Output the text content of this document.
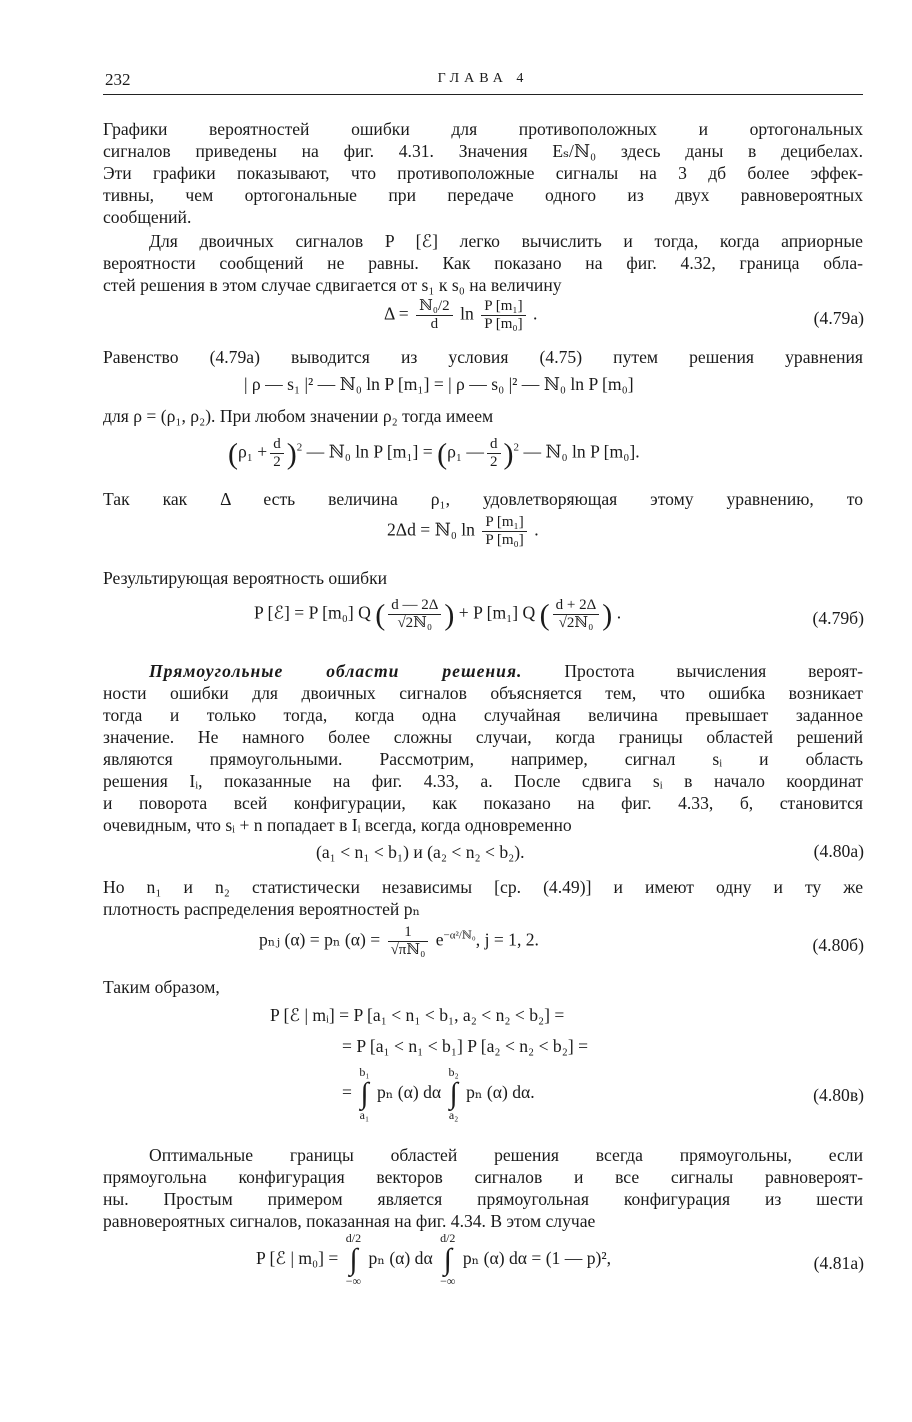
232	ГЛАВА 4
Графики вероятностей ошибки для противоположных и ортогональных
сигналов приведены на фиг. 4.31. Значения Eₛ/ℕ₀ здесь даны в децибелах.
Эти графики показывают, что противоположные сигналы на 3 дб более эффек-
тивны, чем ортогональные при передаче одного из двух равновероятных
сообщений.
Для двоичных сигналов P [ℰ] легко вычислить и тогда, когда априорные
вероятности сообщений не равны. Как показано на фиг. 4.32, граница обла-
стей решения в этом случае сдвигается от s₁ к s₀ на величину
$\Delta = \frac{\text{ℕ₀/2}}{d}$ $\ln \frac{\text{P [m₁]}}{\text{P [m₀]}}$ .	(4.79а)
Равенство (4.79а) выводится из условия (4.75) путем решения уравнения
| ρ — s₁ |² — ℕ₀ ln P [m₁] = | ρ — s₀ |² — ℕ₀ ln P [m₀]
для ρ = (ρ₁, ρ₂). При любом значении ρ₂ тогда имеем
$(\rho_1 + \frac{d}{2} )^2$ — ℕ₀ ln P [m₁] = (ρ₁ — $\frac{d}{2} )^2$ — ℕ₀ ln P [m₀].
Так как Δ есть величина ρ₁, удовлетворяющая этому уравнению, то
2Δd = ℕ₀ $\ln \frac{\text{P [m₁]}}{\text{P [m₀]}}$ .
Результирующая вероятность ошибки
P [ℰ] = P [m₀] Q ( $\frac{d — 2\Delta}{\text{√2ℕ₀}}$ ) + P [m₁] Q ( $\frac{d + 2\Delta}{\text{√2ℕ₀}}$ ) .	(4.79б)
Прямоугольные области решения. Простота вычисления вероят-
ности ошибки для двоичных сигналов объясняется тем, что ошибка возникает
тогда и только тогда, когда одна случайная величина превышает заданное
значение. Не намного более сложны случаи, когда границы областей решений
являются прямоугольными. Рассмотрим, например, сигнал sᵢ и область
решения Iᵢ, показанные на фиг. 4.33, а. После сдвига sᵢ в начало координат
и поворота всей конфигурации, как показано на фиг. 4.33, б, становится
очевидным, что sᵢ + n попадает в Iᵢ всегда, когда одновременно
(a₁ < n₁ < b₁) и (a₂ < n₂ < b₂).	(4.80а)
Но n₁ и n₂ статистически независимы [ср. (4.49)] и имеют одну и ту же
плотность распределения вероятностей pₙ
pₙⱼ (α) = pₙ $(\alpha) = \frac{1}{\text{√πℕ₀}} e^{-\alpha^2/ℕ_0}$, j = 1, 2.	(4.80б)
Таким образом,
P [ℰ | mᵢ] = P [a₁ < n₁ < b₁, a₂ < n₂ < b₂] =
= P [a₁ < n₁ < b₁] P [a₂ < n₂ < b₂] =
=
b₁
∫
a₁
pₙ (α) dα
b₂
∫
a₂
pₙ (α) dα.	(4.80в)
Оптимальные границы областей решения всегда прямоугольны, если
прямоугольна конфигурация векторов сигналов и все сигналы равновероят-
ны. Простым примером является прямоугольная конфигурация из шести
равновероятных сигналов, показанная на фиг. 4.34. В этом случае
P [ℰ | m₀] =
d/2
∫
−∞
pₙ (α) dα
d/2
∫
−∞
pₙ (α) dα = (1 — p)²,	(4.81а)
